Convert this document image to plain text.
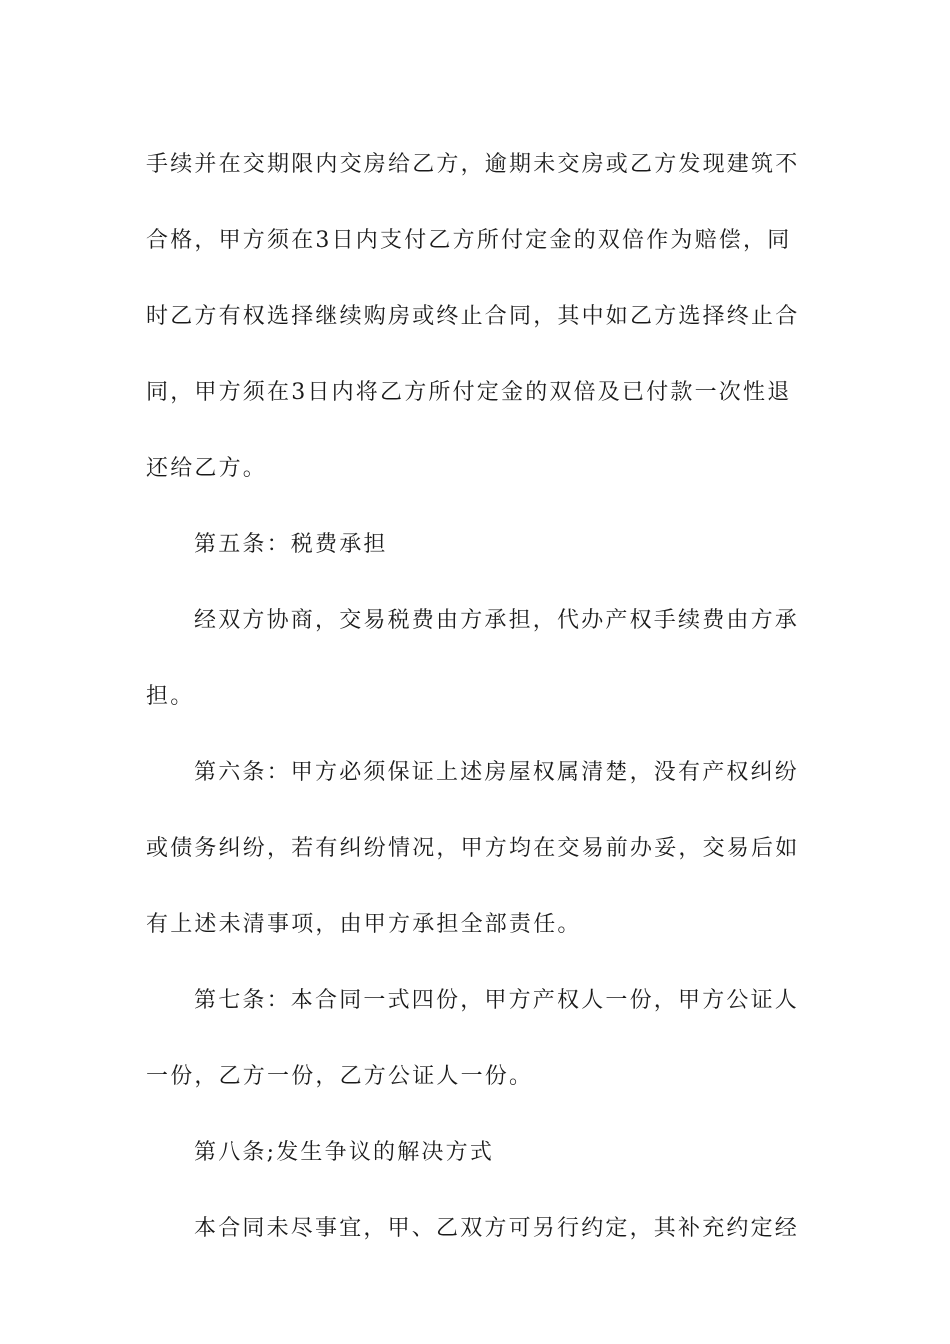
手续并在交期限内交房给乙方，逾期未交房或乙方发现建筑不
合格，甲方须在3日内支付乙方所付定金的双倍作为赔偿，同
时乙方有权选择继续购房或终止合同，其中如乙方选择终止合
同，甲方须在3日内将乙方所付定金的双倍及已付款一次性退
还给乙方。

第五条：税费承担

经双方协商，交易税费由方承担，代办产权手续费由方承
担。

第六条：甲方必须保证上述房屋权属清楚，没有产权纠纷
或债务纠纷，若有纠纷情况，甲方均在交易前办妥，交易后如
有上述未清事项，由甲方承担全部责任。

第七条：本合同一式四份，甲方产权人一份，甲方公证人
一份，乙方一份，乙方公证人一份。

第八条;发生争议的解决方式

本合同未尽事宜，甲、乙双方可另行约定，其补充约定经
